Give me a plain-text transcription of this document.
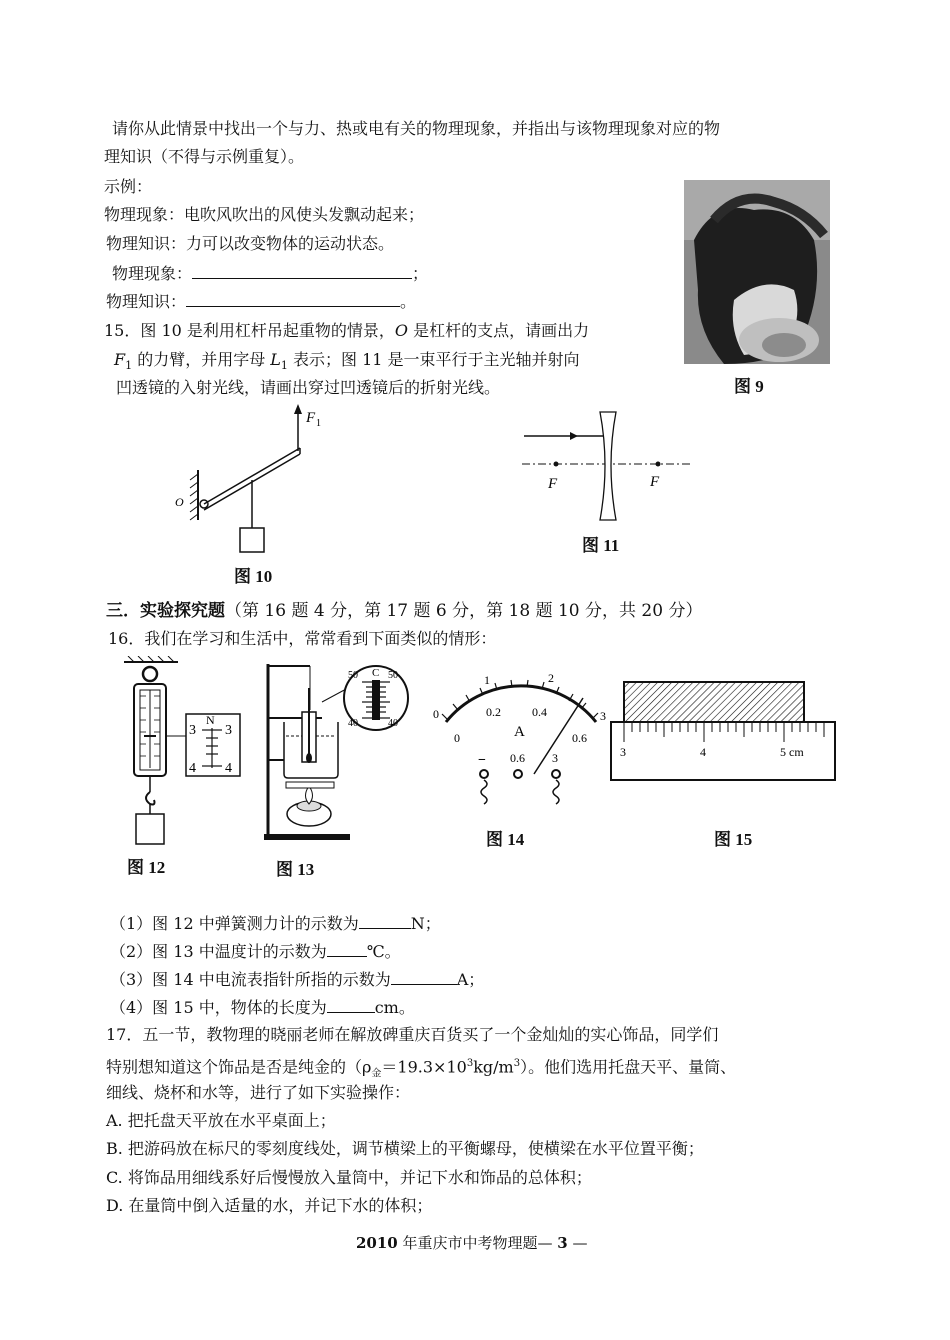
请你从此情景中找出一个与力、热或电有关的物理现象，并指出与该物理现象对应的物
理知识（不得与示例重复）。
示例：
物理现象：电吹风吹出的风使头发飘动起来；
物理知识：力可以改变物体的运动状态。
物理现象：	；
物理知识：	。
图 9
15．图 10 是利用杠杆吊起重物的情景，O 是杠杆的支点，请画出力
$F_1$ 的力臂，并用字母 $L_1$ 表示；图 11 是一束平行于主光轴并射向
凹透镜的入射光线，请画出穿过凹透镜后的折射光线。
F 1
O
图 10
F	F
图 11
三．实验探究题（第 16 题 4 分，第 17 题 6 分，第 18 题 10 分，共 20 分）
16．我们在学习和生活中，常常看到下面类似的情形：
N
3 3
4 4
图 12
C
50	50
40	40
图 13
0
1	2
3
0
0.2	0.4
0.6
A
− 0.6 3
图 14
3	4	5 cm
图 15
（1）图 12 中弹簧测力计的示数为	N；
（2）图 13 中温度计的示数为	℃。
（3）图 14 中电流表指针所指的示数为	A；
（4）图 15 中，物体的长度为	cm。
17．五一节，教物理的晓丽老师在解放碑重庆百货买了一个金灿灿的实心饰品，同学们
特别想知道这个饰品是否是纯金的$(\rho_金=19.3\times 10^3kg/m^3)$。他们选用托盘天平、量筒、
细线、烧杯和水等，进行了如下实验操作：
A. 把托盘天平放在水平桌面上；
B. 把游码放在标尺的零刻度线处，调节横梁上的平衡螺母，使横梁在水平位置平衡；
C. 将饰品用细线系好后慢慢放入量筒中，并记下水和饰品的总体积；
D. 在量筒中倒入适量的水，并记下水的体积；
2010 年重庆市中考物理题— 3 —
